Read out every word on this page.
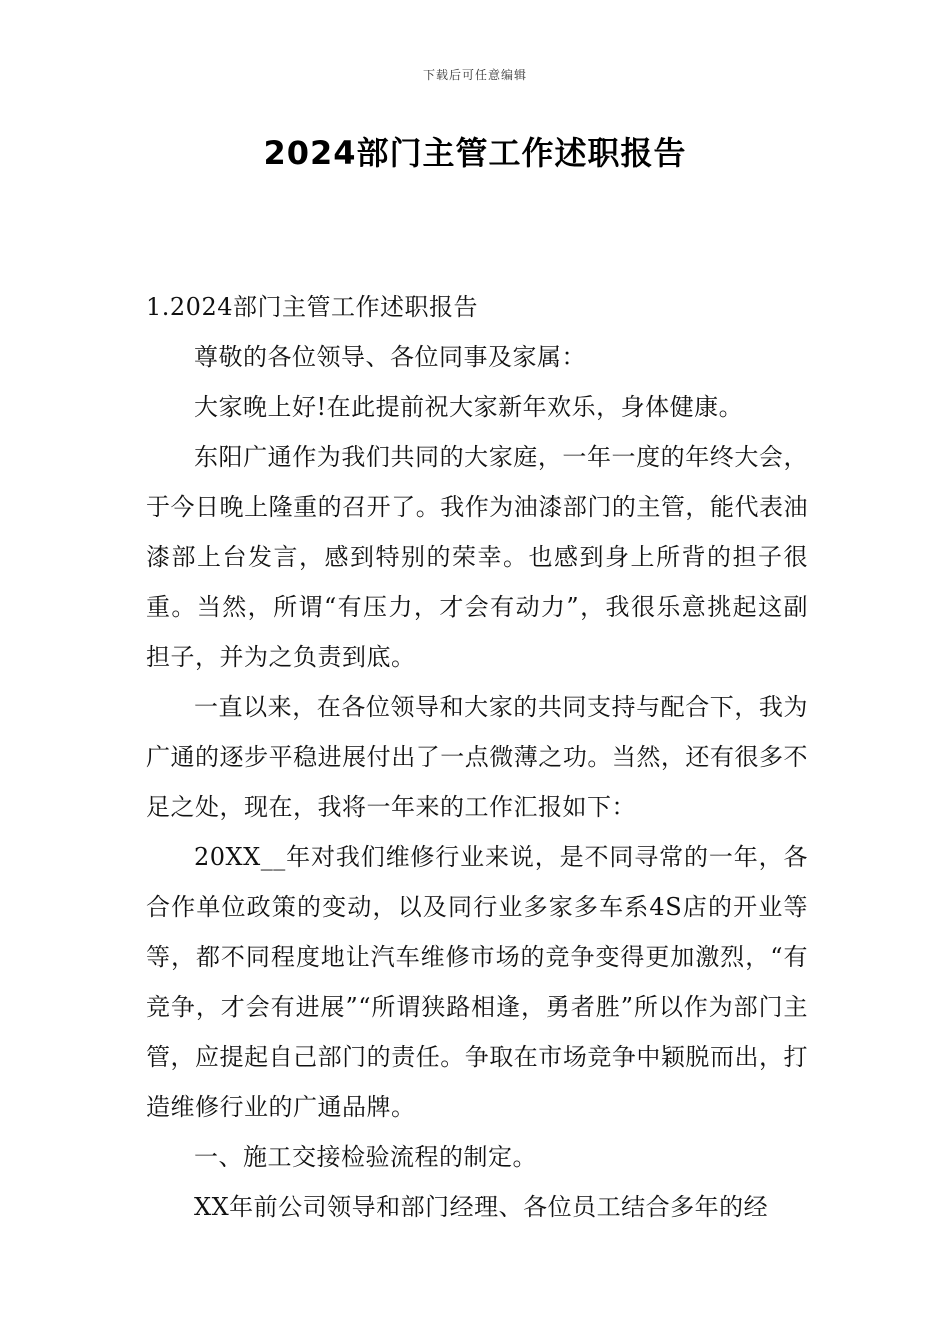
下载后可任意编辑
2024部门主管工作述职报告

1.2024部门主管工作述职报告

尊敬的各位领导、各位同事及家属：

大家晚上好!在此提前祝大家新年欢乐，身体健康。

东阳广通作为我们共同的大家庭，一年一度的年终大会，于今日晚上隆重的召开了。我作为油漆部门的主管，能代表油漆部上台发言，感到特别的荣幸。也感到身上所背的担子很重。当然，所谓“有压力，才会有动力”，我很乐意挑起这副担子，并为之负责到底。

一直以来，在各位领导和大家的共同支持与配合下，我为广通的逐步平稳进展付出了一点微薄之功。当然，还有很多不足之处，现在，我将一年来的工作汇报如下：

20XX__年对我们维修行业来说，是不同寻常的一年，各合作单位政策的变动，以及同行业多家多车系4S店的开业等等，都不同程度地让汽车维修市场的竞争变得更加激烈，“有竞争，才会有进展”“所谓狭路相逢，勇者胜”所以作为部门主管，应提起自己部门的责任。争取在市场竞争中颖脱而出，打造维修行业的广通品牌。

一、施工交接检验流程的制定。

XX年前公司领导和部门经理、各位员工结合多年的经
